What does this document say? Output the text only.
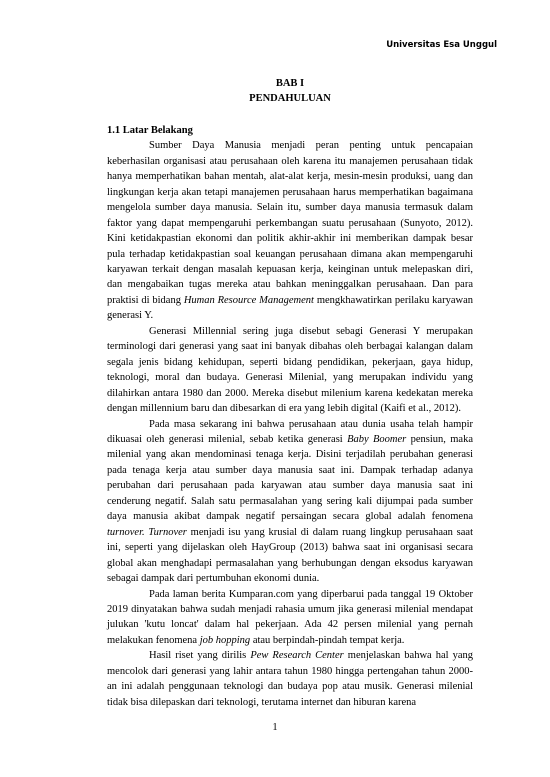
Universitas Esa Unggul

BAB I

PENDAHULUAN

1.1 Latar Belakang

Sumber Daya Manusia menjadi peran penting untuk pencapaian keberhasilan organisasi atau perusahaan oleh karena itu manajemen perusahaan tidak hanya memperhatikan bahan mentah, alat-alat kerja, mesin-mesin produksi, uang dan lingkungan kerja akan tetapi manajemen perusahaan harus memperhatikan bagaimana mengelola sumber daya manusia. Selain itu, sumber daya manusia termasuk dalam faktor yang dapat mempengaruhi perkembangan suatu perusahaan (Sunyoto, 2012). Kini ketidakpastian ekonomi dan politik akhir-akhir ini memberikan dampak besar pula terhadap ketidakpastian soal keuangan perusahaan dimana akan mempengaruhi karyawan terkait dengan masalah kepuasan kerja, keinginan untuk melepaskan diri, dan mengabaikan tugas mereka atau bahkan meninggalkan perusahaan. Dan para praktisi di bidang Human Resource Management mengkhawatirkan perilaku karyawan generasi Y.

Generasi Millennial sering juga disebut sebagi Generasi Y merupakan terminologi dari generasi yang saat ini banyak dibahas oleh berbagai kalangan dalam segala jenis bidang kehidupan, seperti bidang pendidikan, pekerjaan, gaya hidup, teknologi, moral dan budaya. Generasi Milenial, yang merupakan individu yang dilahirkan antara 1980 dan 2000. Mereka disebut milenium karena kedekatan mereka dengan millennium baru dan dibesarkan di era yang lebih digital (Kaifi et al., 2012).

Pada masa sekarang ini bahwa perusahaan atau dunia usaha telah hampir dikuasai oleh generasi milenial, sebab ketika generasi Baby Boomer pensiun, maka milenial yang akan mendominasi tenaga kerja. Disini terjadilah perubahan generasi pada tenaga kerja atau sumber daya manusia saat ini. Dampak terhadap adanya perubahan dari perusahaan pada karyawan atau sumber daya manusia saat ini cenderung negatif. Salah satu permasalahan yang sering kali dijumpai pada sumber daya manusia akibat dampak negatif persaingan secara global adalah fenomena turnover. Turnover menjadi isu yang krusial di dalam ruang lingkup perusahaan saat ini, seperti yang dijelaskan oleh HayGroup (2013) bahwa saat ini organisasi secara global akan menghadapi permasalahan yang berhubungan dengan eksodus karyawan sebagai dampak dari pertumbuhan ekonomi dunia.

Pada laman berita Kumparan.com yang diperbarui pada tanggal 19 Oktober 2019 dinyatakan bahwa sudah menjadi rahasia umum jika generasi milenial mendapat julukan 'kutu loncat' dalam hal pekerjaan. Ada 42 persen milenial yang pernah melakukan fenomena job hopping atau berpindah-pindah tempat kerja.

Hasil riset yang dirilis Pew Research Center menjelaskan bahwa hal yang mencolok dari generasi yang lahir antara tahun 1980 hingga pertengahan tahun 2000-an ini adalah penggunaan teknologi dan budaya pop atau musik. Generasi milenial tidak bisa dilepaskan dari teknologi, terutama internet dan hiburan karena

1
